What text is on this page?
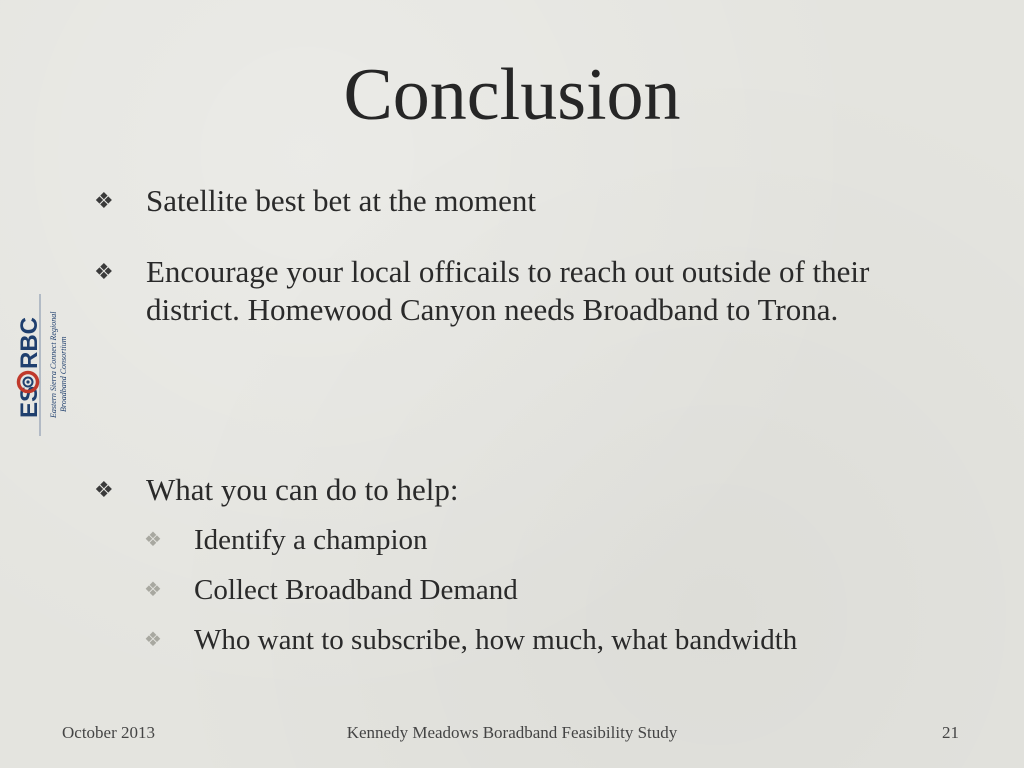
ES
RBC Eastern Sierra Connect Regional Broadband Consortium
Conclusion
❖	Satellite best bet at the moment
❖	Encourage your local officails to reach out outside of their district. Homewood Canyon needs Broadband to Trona.
❖	What you can do to help:
❖	Identify a champion
❖	Collect Broadband Demand
❖	Who want to subscribe, how much, what bandwidth
October 2013	Kennedy Meadows Boradband Feasibility Study	21
